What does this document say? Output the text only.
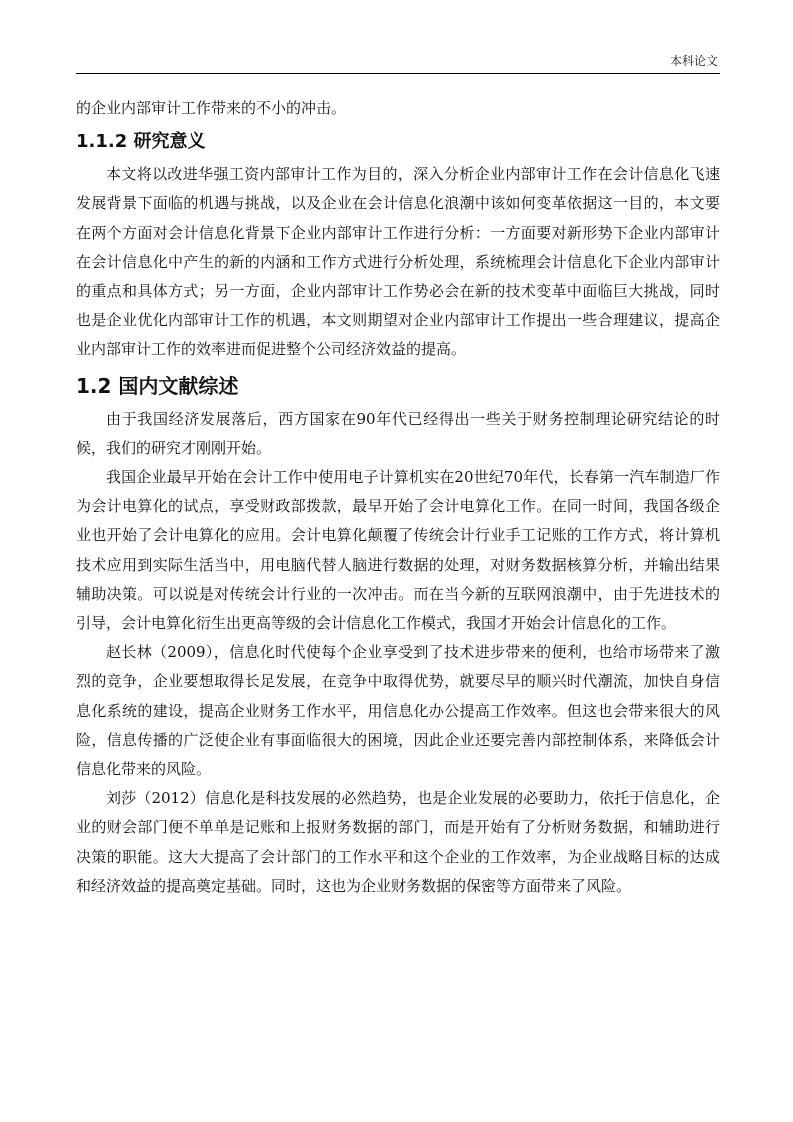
本科论文

的企业内部审计工作带来的不小的冲击。

1.1.2 研究意义

本文将以改进华强工资内部审计工作为目的，深入分析企业内部审计工作在会计信息化飞速发展背景下面临的机遇与挑战，以及企业在会计信息化浪潮中该如何变革依据这一目的，本文要在两个方面对会计信息化背景下企业内部审计工作进行分析：一方面要对新形势下企业内部审计在会计信息化中产生的新的内涵和工作方式进行分析处理，系统梳理会计信息化下企业内部审计的重点和具体方式；另一方面，企业内部审计工作势必会在新的技术变革中面临巨大挑战，同时也是企业优化内部审计工作的机遇，本文则期望对企业内部审计工作提出一些合理建议，提高企业内部审计工作的效率进而促进整个公司经济效益的提高。

1.2 国内文献综述

由于我国经济发展落后，西方国家在90年代已经得出一些关于财务控制理论研究结论的时候，我们的研究才刚刚开始。

我国企业最早开始在会计工作中使用电子计算机实在20世纪70年代，长春第一汽车制造厂作为会计电算化的试点，享受财政部拨款，最早开始了会计电算化工作。在同一时间，我国各级企业也开始了会计电算化的应用。会计电算化颠覆了传统会计行业手工记账的工作方式，将计算机技术应用到实际生活当中，用电脑代替人脑进行数据的处理，对财务数据核算分析，并输出结果辅助决策。可以说是对传统会计行业的一次冲击。而在当今新的互联网浪潮中，由于先进技术的引导，会计电算化衍生出更高等级的会计信息化工作模式，我国才开始会计信息化的工作。

赵长林（2009），信息化时代使每个企业享受到了技术进步带来的便利，也给市场带来了激烈的竞争，企业要想取得长足发展，在竞争中取得优势，就要尽早的顺兴时代潮流，加快自身信息化系统的建设，提高企业财务工作水平，用信息化办公提高工作效率。但这也会带来很大的风险，信息传播的广泛使企业有事面临很大的困境，因此企业还要完善内部控制体系，来降低会计信息化带来的风险。

刘莎（2012）信息化是科技发展的必然趋势，也是企业发展的必要助力，依托于信息化，企业的财会部门便不单单是记账和上报财务数据的部门，而是开始有了分析财务数据，和辅助进行决策的职能。这大大提高了会计部门的工作水平和这个企业的工作效率，为企业战略目标的达成和经济效益的提高奠定基础。同时，这也为企业财务数据的保密等方面带来了风险。
